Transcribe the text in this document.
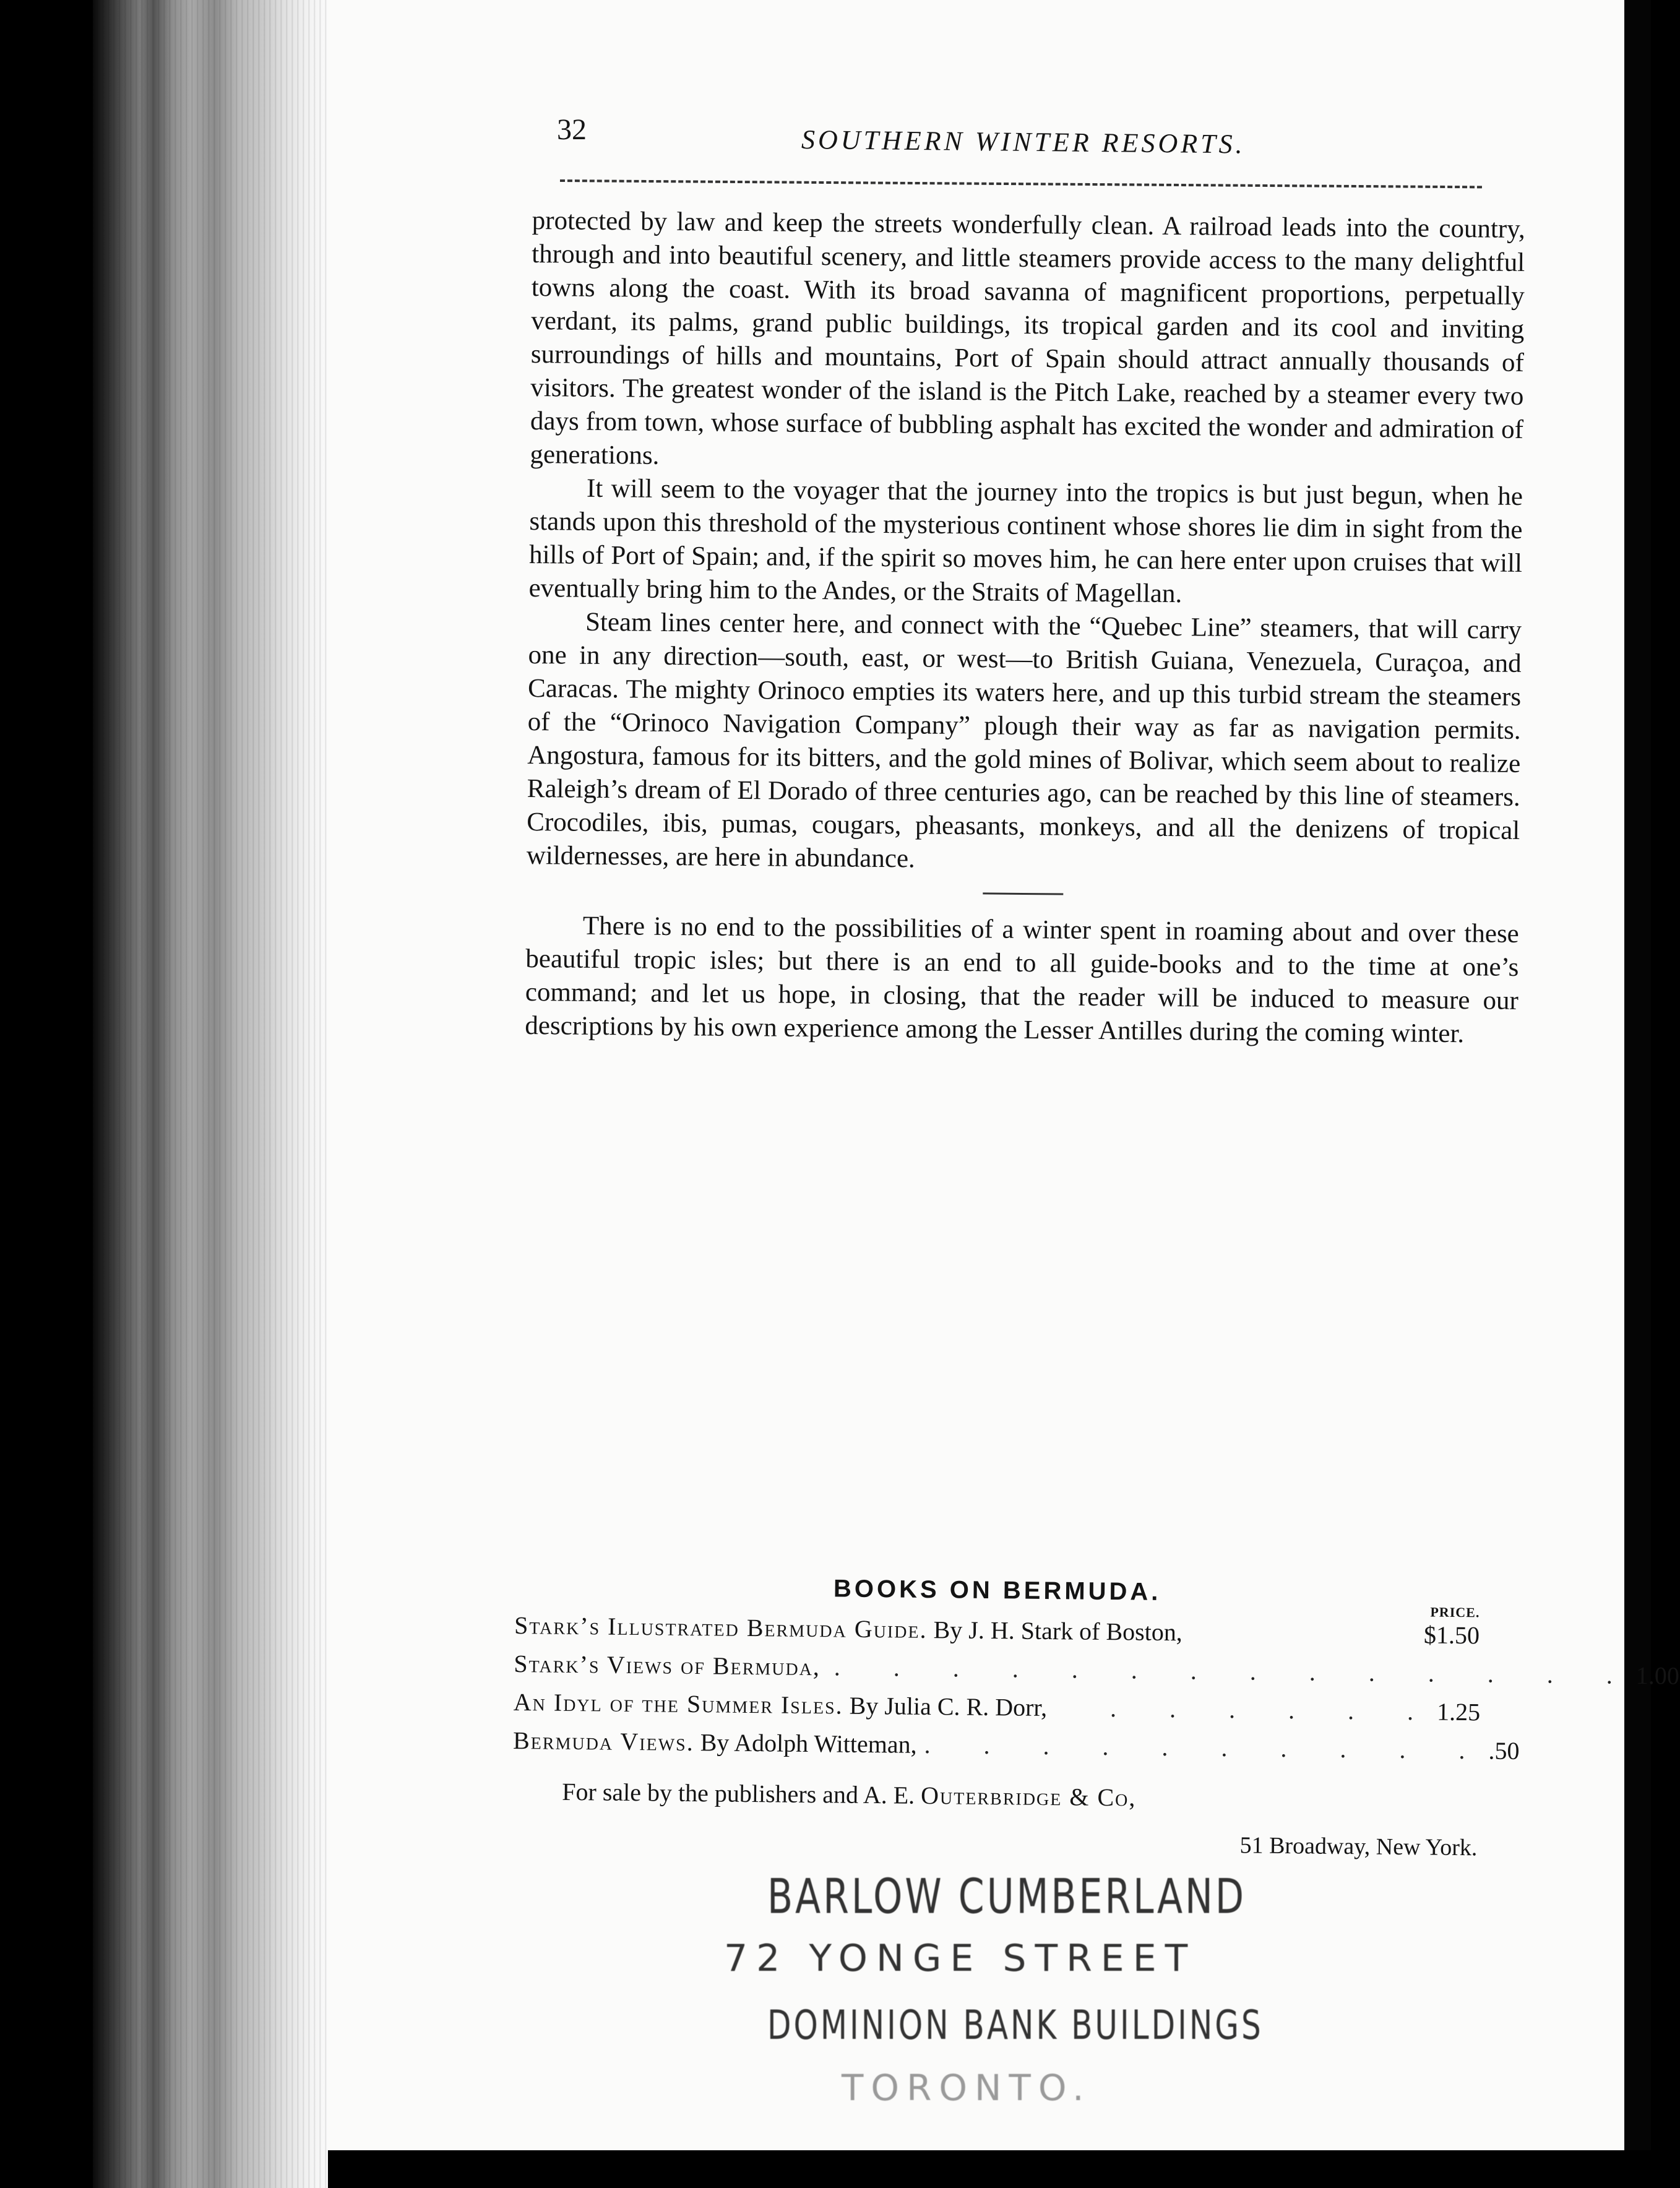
32	SOUTHERN WINTER RESORTS.

protected by law and keep the streets wonderfully clean. A railroad leads into the country, through and into beautiful scenery, and little steamers provide access to the many delightful towns along the coast. With its broad savanna of magnificent proportions, perpetually verdant, its palms, grand public buildings, its tropical garden and its cool and inviting surroundings of hills and mountains, Port of Spain should attract annually thousands of visitors. The greatest wonder of the island is the Pitch Lake, reached by a steamer every two days from town, whose surface of bubbling asphalt has excited the wonder and admiration of generations.

It will seem to the voyager that the journey into the tropics is but just begun, when he stands upon this threshold of the mysterious continent whose shores lie dim in sight from the hills of Port of Spain; and, if the spirit so moves him, he can here enter upon cruises that will eventually bring him to the Andes, or the Straits of Magellan.

Steam lines center here, and connect with the “Quebec Line” steamers, that will carry one in any direction—south, east, or west—to British Guiana, Venezuela, Curaçoa, and Caracas. The mighty Orinoco empties its waters here, and up this turbid stream the steamers of the “Orinoco Navigation Company” plough their way as far as navigation permits. Angostura, famous for its bitters, and the gold mines of Bolivar, which seem about to realize Raleigh’s dream of El Dorado of three centuries ago, can be reached by this line of steamers. Crocodiles, ibis, pumas, cougars, pheasants, monkeys, and all the denizens of tropical wildernesses, are here in abundance.

There is no end to the possibilities of a winter spent in roaming about and over these beautiful tropic isles; but there is an end to all guide-books and to the time at one’s command; and let us hope, in closing, that the reader will be induced to measure our descriptions by his own experience among the Lesser Antilles during the coming winter.

BOOKS ON BERMUDA.
PRICE.
Stark’s Illustrated Bermuda Guide. By J. H. Stark of Boston,	$1.50
Stark’s Views of Bermuda, . . . . . . . . . . . . . . 1.00
An Idyl of the Summer Isles. By Julia C. R. Dorr,	. . . . . . 1.25
Bermuda Views. By Adolph Witteman, . . . . . . . . . . .50
For sale by the publishers and A. E. Outerbridge & Co,
51 Broadway, New York.
BARLOW CUMBERLAND
72 YONGE STREET
DOMINION BANK BUILDINGS
TORONTO.
